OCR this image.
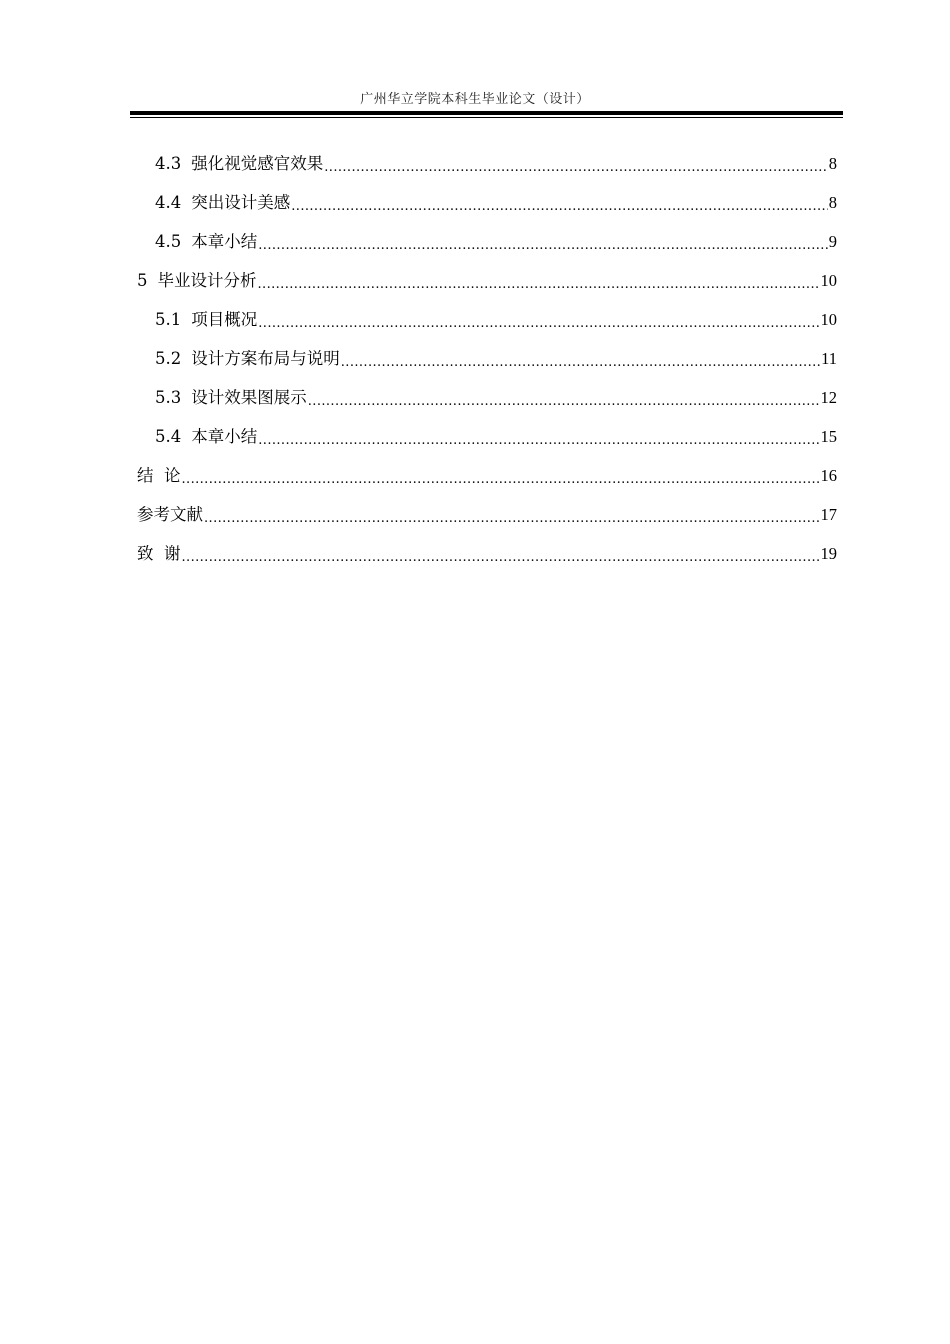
广州华立学院本科生毕业论文（设计）
4.3 强化视觉感官效果 .....	8
4.4 突出设计美感 .....	8
4.5 本章小结 .....	9
5 毕业设计分析 .....	10
5.1 项目概况 .....	10
5.2 设计方案布局与说明 .....	11
5.3 设计效果图展示 .....	12
5.4 本章小结 .....	15
结  论 .....	16
参考文献 .....	17
致  谢 .....	19
